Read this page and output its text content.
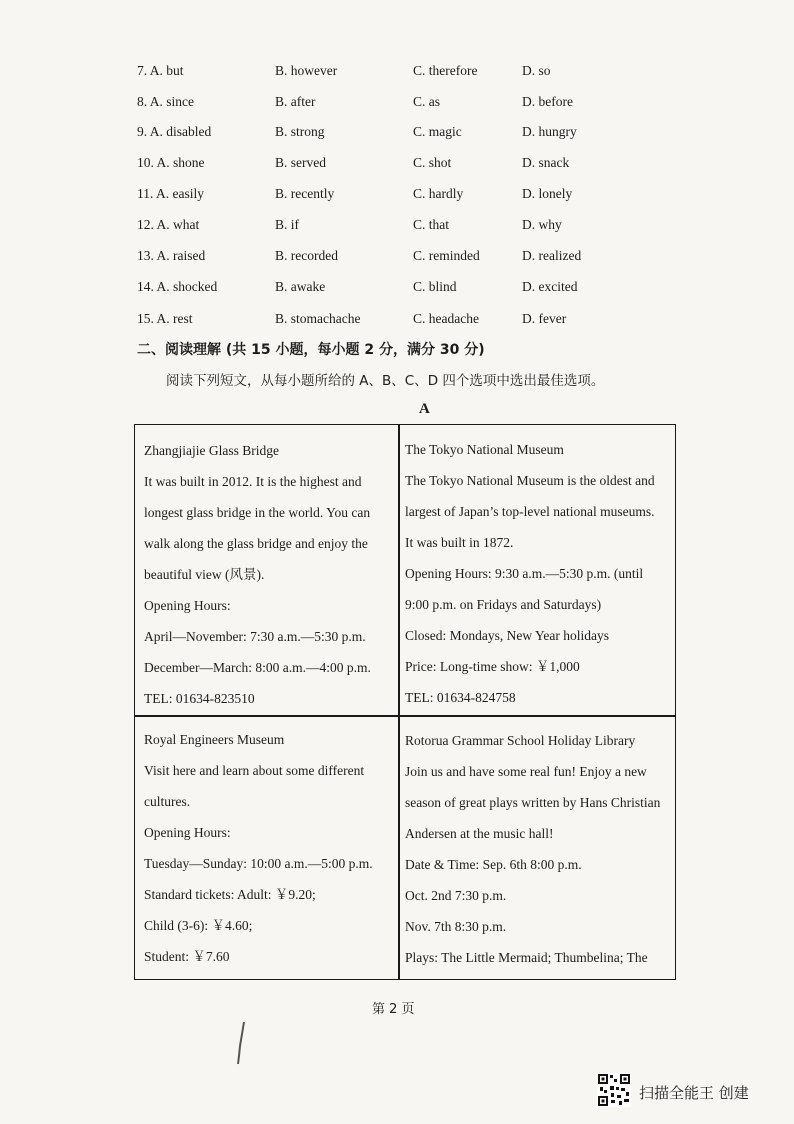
7. A. but	B. however	C. therefore	D. so
8. A. since	B. after	C. as	D. before
9. A. disabled	B. strong	C. magic	D. hungry
10. A. shone	B. served	C. shot	D. snack
11. A. easily	B. recently	C. hardly	D. lonely
12. A. what	B. if	C. that	D. why
13. A. raised	B. recorded	C. reminded	D. realized
14. A. shocked	B. awake	C. blind	D. excited
15. A. rest	B. stomachache	C. headache	D. fever
二、阅读理解 (共 15 小题，每小题 2 分，满分 30 分)
阅读下列短文，从每小题所给的 A、B、C、D 四个选项中选出最佳选项。
A
Zhangjiajie Glass Bridge
It was built in 2012. It is the highest and
longest glass bridge in the world. You can
walk along the glass bridge and enjoy the
beautiful view (风景).
Opening Hours:
April—November: 7:30 a.m.—5:30 p.m.
December—March: 8:00 a.m.—4:00 p.m.
TEL: 01634-823510
The Tokyo National Museum
The Tokyo National Museum is the oldest and
largest of Japan’s top-level national museums.
It was built in 1872.
Opening Hours: 9:30 a.m.—5:30 p.m. (until
9:00 p.m. on Fridays and Saturdays)
Closed: Mondays, New Year holidays
Price: Long-time show: ￥1,000
TEL: 01634-824758
Royal Engineers Museum
Visit here and learn about some different
cultures.
Opening Hours:
Tuesday—Sunday: 10:00 a.m.—5:00 p.m.
Standard tickets: Adult: ￥9.20;
Child (3-6): ￥4.60;
Student: ￥7.60
Rotorua Grammar School Holiday Library
Join us and have some real fun! Enjoy a new
season of great plays written by Hans Christian
Andersen at the music hall!
Date & Time: Sep. 6th 8:00 p.m.
Oct. 2nd 7:30 p.m.
Nov. 7th 8:30 p.m.
Plays: The Little Mermaid; Thumbelina; The
第 2 页
扫描全能王 创建
